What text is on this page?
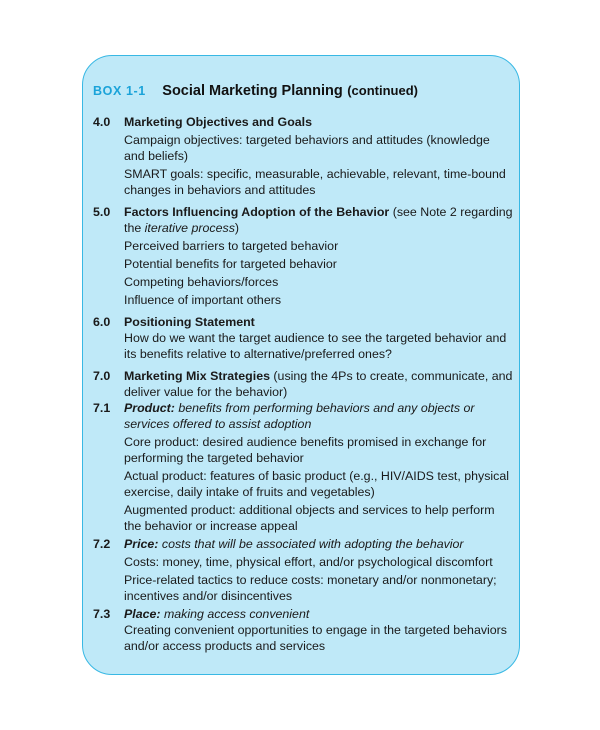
BOX 1-1 Social Marketing Planning (continued)
4.0	Marketing Objectives and Goals
Campaign objectives: targeted behaviors and attitudes (knowledge and beliefs)
SMART goals: specific, measurable, achievable, relevant, time-bound changes in behaviors and attitudes
5.0	Factors Influencing Adoption of the Behavior (see Note 2 regarding the iterative process)
Perceived barriers to targeted behavior
Potential benefits for targeted behavior
Competing behaviors/forces
Influence of important others
6.0	Positioning Statement
How do we want the target audience to see the targeted behavior and its benefits relative to alternative/preferred ones?
7.0	Marketing Mix Strategies (using the 4Ps to create, communicate, and deliver value for the behavior)
7.1	Product: benefits from performing behaviors and any objects or services offered to assist adoption
Core product: desired audience benefits promised in exchange for performing the targeted behavior
Actual product: features of basic product (e.g., HIV/AIDS test, physical exercise, daily intake of fruits and vegetables)
Augmented product: additional objects and services to help perform the behavior or increase appeal
7.2	Price: costs that will be associated with adopting the behavior
Costs: money, time, physical effort, and/or psychological discomfort
Price-related tactics to reduce costs: monetary and/or nonmonetary; incentives and/or disincentives
7.3	Place: making access convenient
Creating convenient opportunities to engage in the targeted behaviors and/or access products and services
